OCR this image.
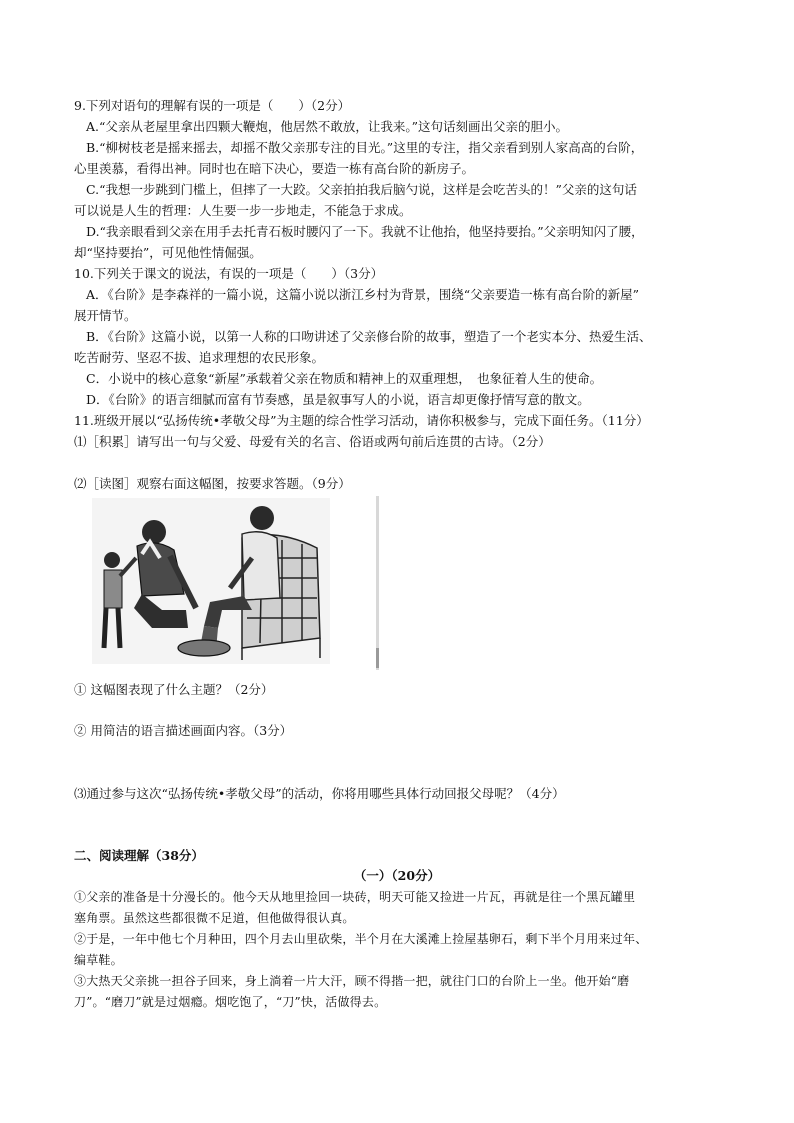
9.下列对语句的理解有误的一项是（　　）（2分）
A.“父亲从老屋里拿出四颗大鞭炮，他居然不敢放，让我来。”这句话刻画出父亲的胆小。
B.“柳树枝老是摇来摇去，却摇不散父亲那专注的目光。”这里的专注，指父亲看到别人家高高的台阶，
心里羡慕，看得出神。同时也在暗下决心，要造一栋有高台阶的新房子。
C.“我想一步跳到门槛上，但摔了一大跤。父亲拍拍我后脑勺说，这样是会吃苦头的！”父亲的这句话
可以说是人生的哲理：人生要一步一步地走，不能急于求成。
D.“我亲眼看到父亲在用手去托青石板时腰闪了一下。我就不让他抬，他坚持要抬。”父亲明知闪了腰，
却“坚持要抬”，可见他性情倔强。
10.下列关于课文的说法，有误的一项是（　　）（3分）
A．《台阶》是李森祥的一篇小说，这篇小说以浙江乡村为背景，围绕“父亲要造一栋有高台阶的新屋”
展开情节。
B．《台阶》这篇小说，以第一人称的口吻讲述了父亲修台阶的故事，塑造了一个老实本分、热爱生活、
吃苦耐劳、坚忍不拔、追求理想的农民形象。
C．小说中的核心意象“新屋”承载着父亲在物质和精神上的双重理想，　也象征着人生的使命。
D．《台阶》的语言细腻而富有节奏感，虽是叙事写人的小说，语言却更像抒情写意的散文。
11.班级开展以“弘扬传统•孝敬父母”为主题的综合性学习活动，请你积极参与，完成下面任务。（11分）
⑴［积累］请写出一句与父爱、母爱有关的名言、俗语或两句前后连贯的古诗。（2分）
⑵［读图］观察右面这幅图，按要求答题。（9分）
① 这幅图表现了什么主题？（2分）
② 用简洁的语言描述画面内容。（3分）
⑶通过参与这次“弘扬传统•孝敬父母”的活动，你将用哪些具体行动回报父母呢？（4分）
二、阅读理解（38分）
（一）（20分）
①父亲的准备是十分漫长的。他今天从地里捡回一块砖，明天可能又捡进一片瓦，再就是往一个黑瓦罐里
塞角票。虽然这些都很微不足道，但他做得很认真。
②于是，一年中他七个月种田，四个月去山里砍柴，半个月在大溪滩上捡屋基卵石，剩下半个月用来过年、
编草鞋。
③大热天父亲挑一担谷子回来，身上淌着一片大汗，顾不得揩一把，就往门口的台阶上一坐。他开始“磨
刀”。“磨刀”就是过烟瘾。烟吃饱了，“刀”快，活做得去。
